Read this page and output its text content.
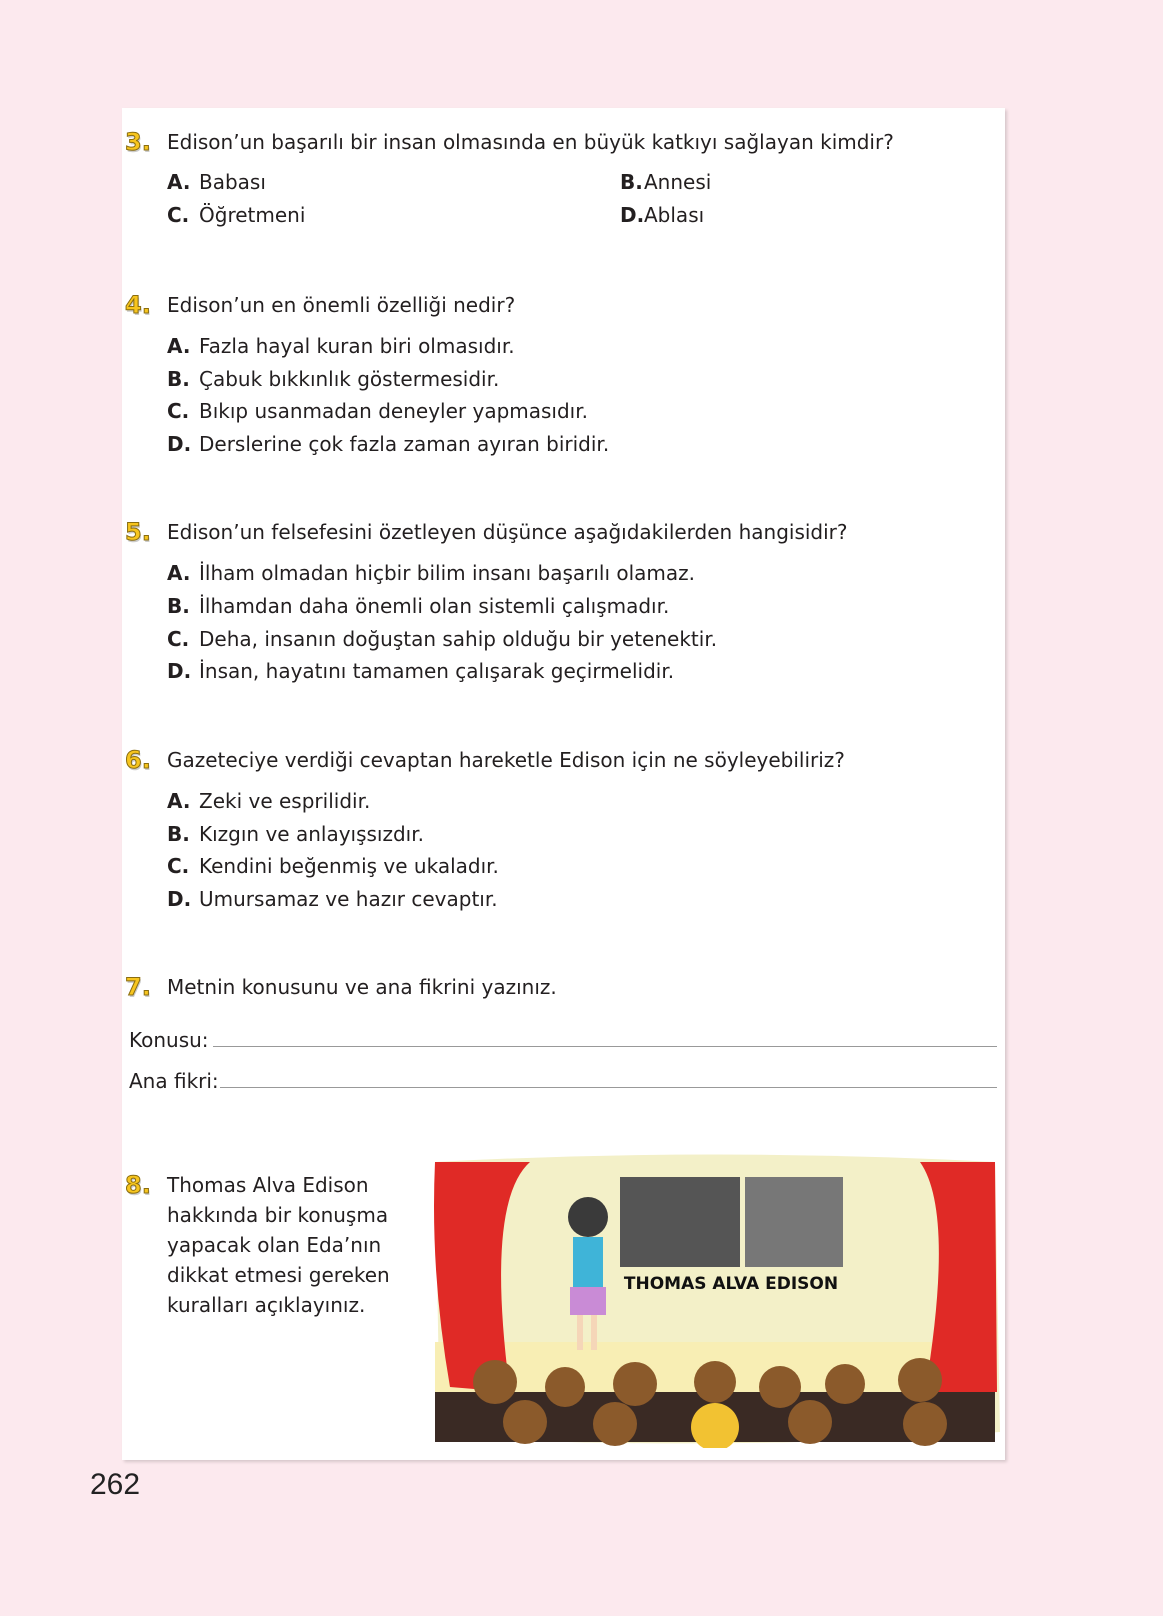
3. Edison’un başarılı bir insan olmasında en büyük katkıyı sağlayan kimdir?
A. Babası	B.Annesi
C. Öğretmeni	D.Ablası
4. Edison’un en önemli özelliği nedir?
A. Fazla hayal kuran biri olmasıdır.
B. Çabuk bıkkınlık göstermesidir.
C. Bıkıp usanmadan deneyler yapmasıdır.
D. Derslerine çok fazla zaman ayıran biridir.
5. Edison’un felsefesini özetleyen düşünce aşağıdakilerden hangisidir?
A. İlham olmadan hiçbir bilim insanı başarılı olamaz.
B. İlhamdan daha önemli olan sistemli çalışmadır.
C. Deha, insanın doğuştan sahip olduğu bir yetenektir.
D. İnsan, hayatını tamamen çalışarak geçirmelidir.
6. Gazeteciye verdiği cevaptan hareketle Edison için ne söyleyebiliriz?
A. Zeki ve esprilidir.
B. Kızgın ve anlayışsızdır.
C. Kendini beğenmiş ve ukaladır.
D. Umursamaz ve hazır cevaptır.
7. Metnin konusunu ve ana fikrini yazınız.
Konusu:
Ana fikri:
8. Thomas Alva Edison
hakkında bir konuşma
yapacak olan Eda’nın
dikkat etmesi gereken
kuralları açıklayınız.
THOMAS ALVA EDISON
262
